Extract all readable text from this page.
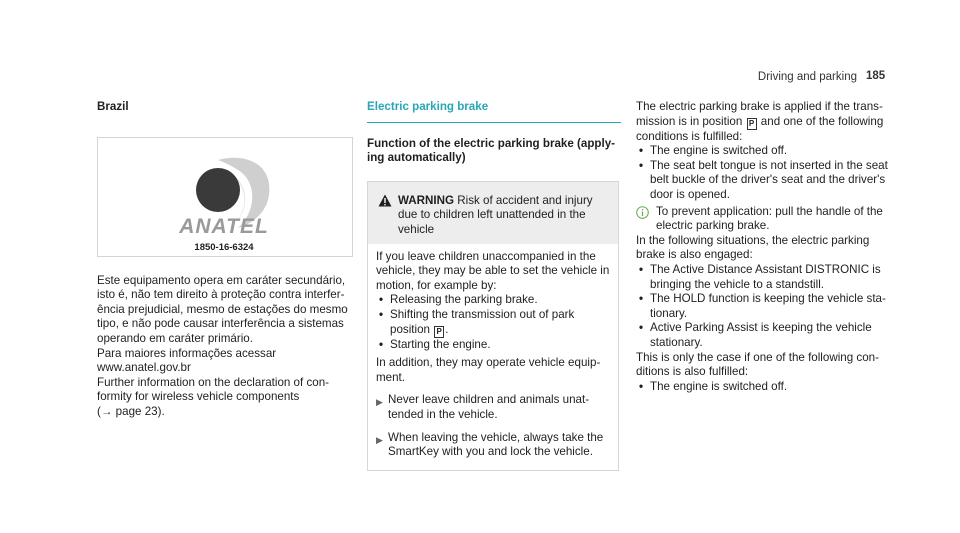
Driving and parking 185
Brazil
ANATEL
1850-16-6324

Este equipamento opera em caráter secundário, isto é, não tem direito à proteção contra interferência prejudicial, mesmo de estações do mesmo tipo, e não pode causar interferência a sistemas operando em caráter primário.

Para maiores informações acessar

www.anatel.gov.br

Further information on the declaration of conformity for wireless vehicle components

(→ page 23).

Electric parking brake
Function of the electric parking brake (applying automatically)
WARNING Risk of accident and injury due to children left unattended in the vehicle
If you leave children unaccompanied in the vehicle, they may be able to set the vehicle in motion, for example by:
• Releasing the parking brake.
• Shifting the transmission out of park position P .
• Starting the engine.
In addition, they may operate vehicle equipment.
▶ Never leave children and animals unattended in the vehicle.
▶ When leaving the vehicle, always take the SmartKey with you and lock the vehicle.

The electric parking brake is applied if the transmission is in position P and one of the following conditions is fulfilled:

• The engine is switched off.
• The seat belt tongue is not inserted in the seat belt buckle of the driver's seat and the driver's door is opened.
To prevent application: pull the handle of the electric parking brake.

In the following situations, the electric parking brake is also engaged:

• The Active Distance Assistant DISTRONIC is bringing the vehicle to a standstill.
• The HOLD function is keeping the vehicle stationary.
• Active Parking Assist is keeping the vehicle stationary.

This is only the case if one of the following conditions is also fulfilled:

• The engine is switched off.
